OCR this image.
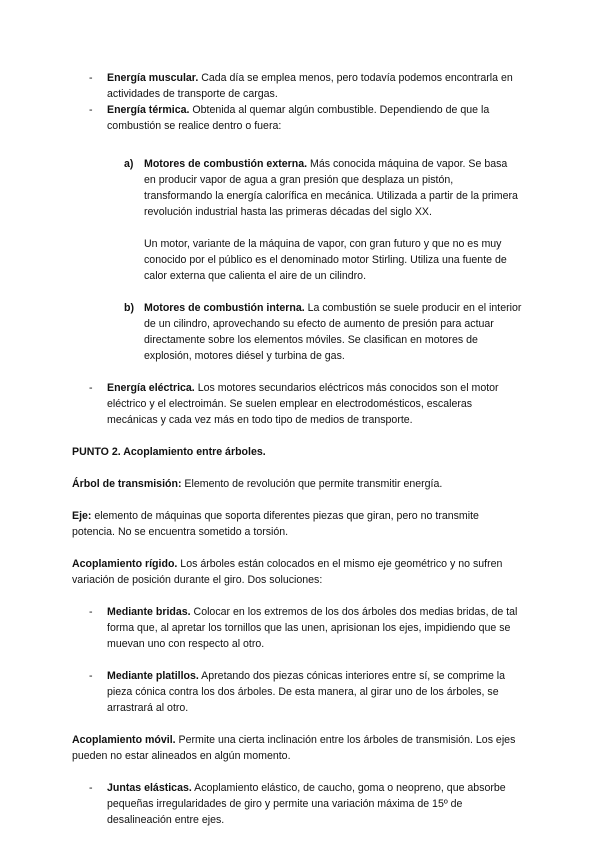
- Energía muscular. Cada día se emplea menos, pero todavía podemos encontrarla en actividades de transporte de cargas.
- Energía térmica. Obtenida al quemar algún combustible. Dependiendo de que la combustión se realice dentro o fuera:
a) Motores de combustión externa. Más conocida máquina de vapor. Se basa en producir vapor de agua a gran presión que desplaza un pistón, transformando la energía calorífica en mecánica. Utilizada a partir de la primera revolución industrial hasta las primeras décadas del siglo XX.

Un motor, variante de la máquina de vapor, con gran futuro y que no es muy conocido por el público es el denominado motor Stirling. Utiliza una fuente de calor externa que calienta el aire de un cilindro.

b) Motores de combustión interna. La combustión se suele producir en el interior de un cilindro, aprovechando su efecto de aumento de presión para actuar directamente sobre los elementos móviles. Se clasifican en motores de explosión, motores diésel y turbina de gas.

- Energía eléctrica. Los motores secundarios eléctricos más conocidos son el motor eléctrico y el electroimán. Se suelen emplear en electrodomésticos, escaleras mecánicas y cada vez más en todo tipo de medios de transporte.

PUNTO 2. Acoplamiento entre árboles.

Árbol de transmisión: Elemento de revolución que permite transmitir energía.

Eje: elemento de máquinas que soporta diferentes piezas que giran, pero no transmite potencia. No se encuentra sometido a torsión.

Acoplamiento rígido. Los árboles están colocados en el mismo eje geométrico y no sufren variación de posición durante el giro. Dos soluciones:

- Mediante bridas. Colocar en los extremos de los dos árboles dos medias bridas, de tal forma que, al apretar los tornillos que las unen, aprisionan los ejes, impidiendo que se muevan uno con respecto al otro.
- Mediante platillos. Apretando dos piezas cónicas interiores entre sí, se comprime la pieza cónica contra los dos árboles. De esta manera, al girar uno de los árboles, se arrastrará al otro.

Acoplamiento móvil. Permite una cierta inclinación entre los árboles de transmisión. Los ejes pueden no estar alineados en algún momento.

- Juntas elásticas. Acoplamiento elástico, de caucho, goma o neopreno, que absorbe pequeñas irregularidades de giro y permite una variación máxima de 15º de desalineación entre ejes.
